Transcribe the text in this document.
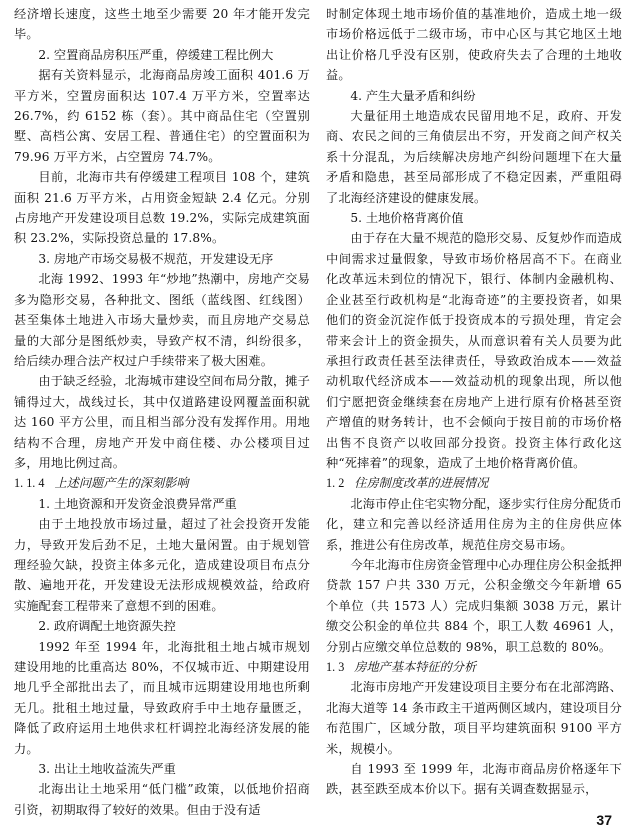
经济增长速度，这些土地至少需要 20 年才能开发完毕。

2. 空置商品房积压严重，停缓建工程比例大

据有关资料显示，北海商品房竣工面积 401.6 万平方米，空置房面积达 107.4 万平方米，空置率达 26.7%，约 6152 栋（套）。其中商品住宅（空置别墅、高档公寓、安居工程、普通住宅）的空置面积为 79.96 万平方米，占空置房 74.7%。

目前，北海市共有停缓建工程项目 108 个，建筑面积 21.6 万平方米，占用资金短缺 2.4 亿元。分别占房地产开发建设项目总数 19.2%，实际完成建筑面积 23.2%，实际投资总量的 17.8%。

3. 房地产市场交易极不规范，开发建设无序

北海 1992、1993 年“炒地”热潮中，房地产交易多为隐形交易，各种批文、图纸（蓝线图、红线图）甚至集体土地进入市场大量炒卖，而且房地产交易总量的大部分是图纸炒卖，导致产权不清，纠纷很多，给后续办理合法产权过户手续带来了极大困难。

由于缺乏经验，北海城市建设空间布局分散，摊子铺得过大，战线过长，其中仅道路建设网覆盖面积就达 160 平方公里，而且相当部分没有发挥作用。用地结构不合理，房地产开发中商住楼、办公楼项目过多，用地比例过高。

1. 1. 4 上述问题产生的深刻影响

1. 土地资源和开发资金浪费异常严重

由于土地投放市场过量，超过了社会投资开发能力，导致开发后劲不足，土地大量闲置。由于规划管理经验欠缺，投资主体多元化，造成建设项目布点分散、遍地开花，开发建设无法形成规模效益，给政府实施配套工程带来了意想不到的困难。

2. 政府调配土地资源失控

1992 年至 1994 年，北海批租土地占城市规划建设用地的比重高达 80%，不仅城市近、中期建设用地几乎全部批出去了，而且城市远期建设用地也所剩无几。批租土地过量，导致政府手中土地存量匮乏，降低了政府运用土地供求杠杆调控北海经济发展的能力。

3. 出让土地收益流失严重

北海出让土地采用“低门槛”政策，以低地价招商引资，初期取得了较好的效果。但由于没有适

时制定体现土地市场价值的基准地价，造成土地一级市场价格远低于二级市场，市中心区与其它地区土地出让价格几乎没有区别，使政府失去了合理的土地收益。

4. 产生大量矛盾和纠纷

大量征用土地造成农民留用地不足，政府、开发商、农民之间的三角债层出不穷，开发商之间产权关系十分混乱，为后续解决房地产纠纷问题埋下在大量矛盾和隐患，甚至局部形成了不稳定因素，严重阻碍了北海经济建设的健康发展。

5. 土地价格背离价值

由于存在大量不规范的隐形交易、反复炒作而造成中间需求过量假象，导致市场价格居高不下。在商业化改革远未到位的情况下，银行、体制内金融机构、企业甚至行政机构是“北海奇迹”的主要投资者，如果他们的资金沉淀作低于投资成本的亏损处理，肯定会带来会计上的资金损失，从而意识着有关人员要为此承担行政责任甚至法律责任，导致政治成本——效益动机取代经济成本——效益动机的现象出现，所以他们宁愿把资金继续套在房地产上进行原有价格甚至资产增值的财务转计，也不会倾向于按目前的市场价格出售不良资产以收回部分投资。投资主体行政化这种“死摔着”的现象，造成了土地价格背离价值。

1. 2 住房制度改革的进展情况

北海市停止住宅实物分配，逐步实行住房分配货币化，建立和完善以经济适用住房为主的住房供应体系，推进公有住房改革，规范住房交易市场。

今年北海市住房资金管理中心办理住房公积金抵押贷款 157 户共 330 万元，公积金缴交今年新增 65 个单位（共 1573 人）完成归集额 3038 万元，累计缴交公积金的单位共 884 个，职工人数 46961 人，分别占应缴交单位总数的 98%，职工总数的 80%。

1. 3 房地产基本特征的分析

北海市房地产开发建设项目主要分布在北部湾路、北海大道等 14 条市政主干道两侧区域内，建设项目分布范围广，区域分散，项目平均建筑面积 9100 平方米，规模小。

自 1993 至 1999 年，北海市商品房价格逐年下跌，甚至跌至成本价以下。据有关调查数据显示，

37
